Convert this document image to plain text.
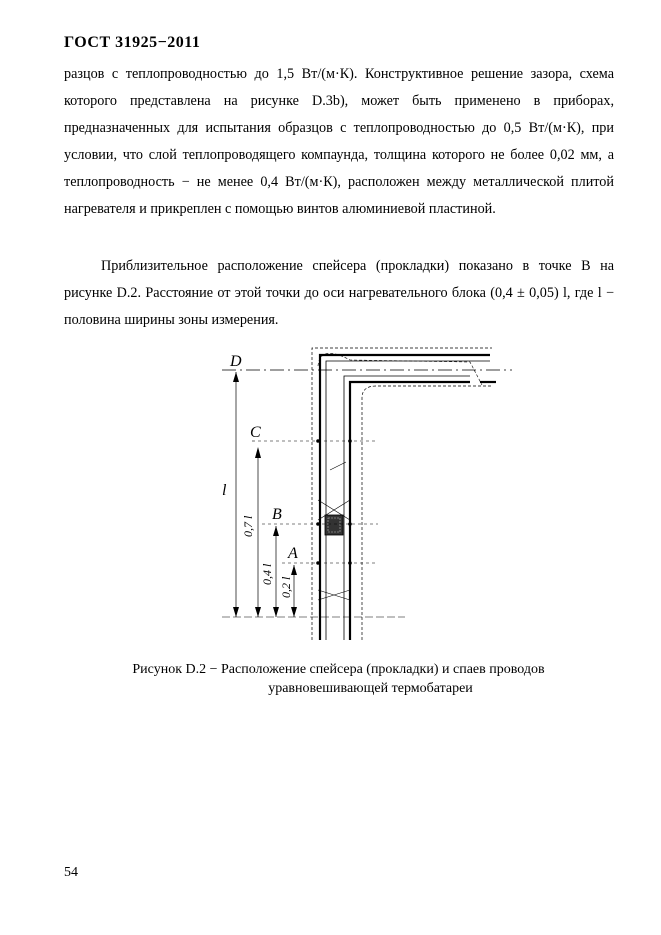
ГОСТ 31925−2011
разцов с теплопроводностью до 1,5 Вт/(м·К). Конструктивное решение зазора, схема которого представлена на рисунке D.3b), может быть применено в приборах, предназначенных для испытания образцов с теплопроводностью до 0,5 Вт/(м·К), при условии, что слой теплопроводящего компаунда, толщина которого не более 0,02 мм, а теплопроводность − не менее 0,4 Вт/(м·К), расположен между металлической плитой нагревателя и прикреплен с помощью винтов алюминиевой пластиной.
Приблизительное расположение спейсера (прокладки) показано в точке B на рисунке D.2. Расстояние от этой точки до оси нагревательного блока (0,4 ± 0,05) l, где l − половина ширины зоны измерения.
D
C
B
A
l
0,7 l
0,4 l
0,2 l
Рисунок D.2 − Расположение спейсера (прокладки) и спаев проводов
уравновешивающей термобатареи
54
